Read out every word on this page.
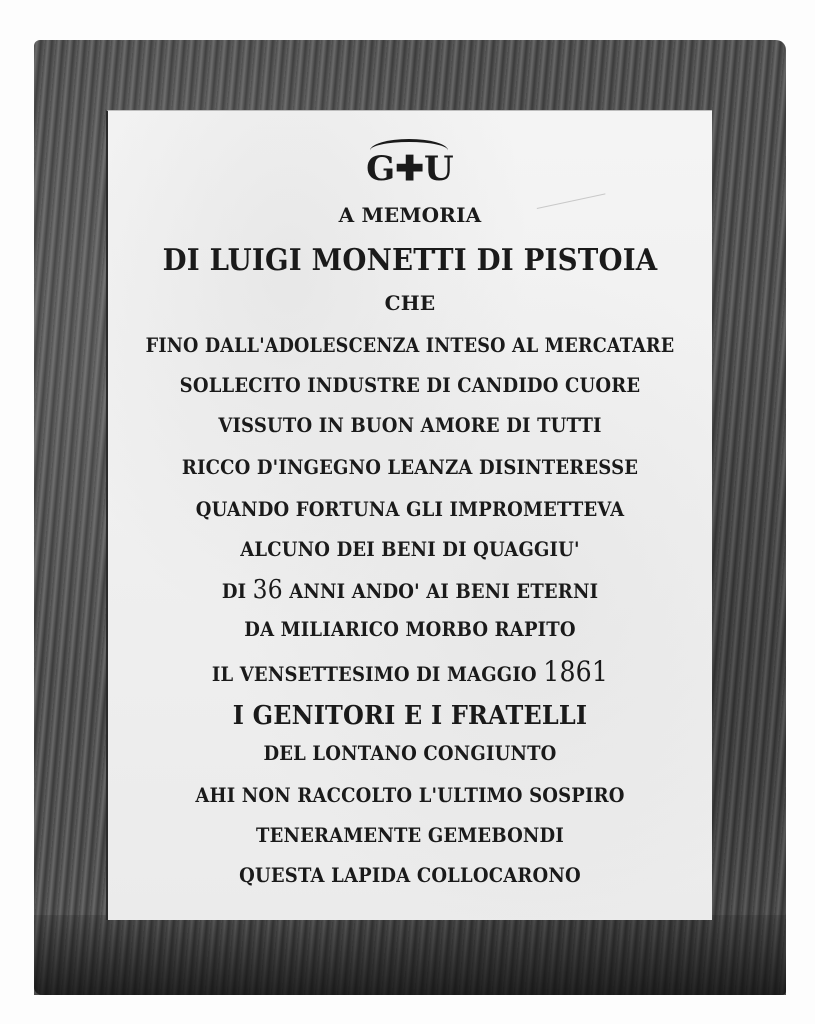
G✚U
A MEMORIA
DI LUIGI MONETTI DI PISTOIA
CHE
FINO DALL'ADOLESCENZA INTESO AL MERCATARE
SOLLECITO INDUSTRE DI CANDIDO CUORE
VISSUTO IN BUON AMORE DI TUTTI
RICCO D'INGEGNO LEANZA DISINTERESSE
QUANDO FORTUNA GLI IMPROMETTEVA
ALCUNO DEI BENI DI QUAGGIU'
DI 36 ANNI ANDO' AI BENI ETERNI
DA MILIARICO MORBO RAPITO
IL VENSETTESIMO DI MAGGIO 1861
I GENITORI E I FRATELLI
DEL LONTANO CONGIUNTO
AHI NON RACCOLTO L'ULTIMO SOSPIRO
TENERAMENTE GEMEBONDI
QUESTA LAPIDA COLLOCARONO
